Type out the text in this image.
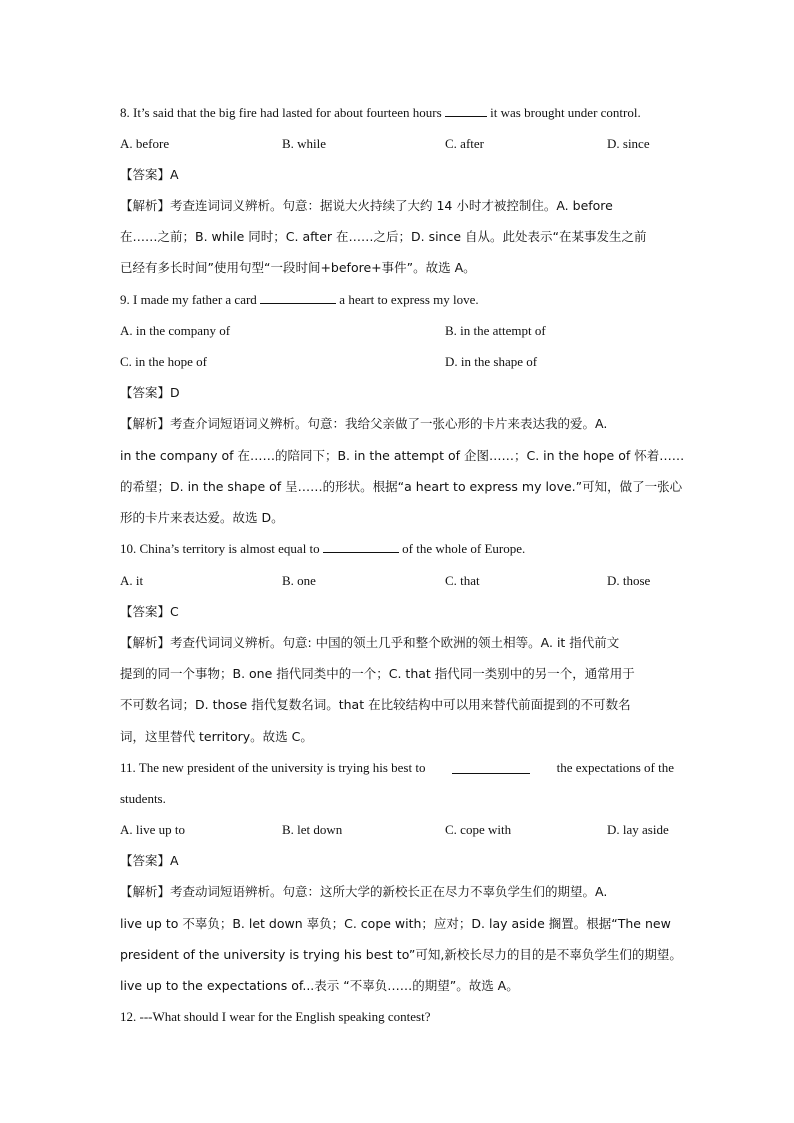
8. It’s said that the big fire had lasted for about fourteen hours	it was brought under control.
A. before	B. while	C. after	D. since
【答案】A
【解析】考查连词词义辨析。句意：据说大火持续了大约 14 小时才被控制住。A. before
在……之前；B. while 同时；C. after 在……之后；D. since 自从。此处表示“在某事发生之前
已经有多长时间”使用句型“一段时间+before+事件”。故选 A。
9. I made my father a card	a heart to express my love.
A. in the company of	B. in the attempt of
C. in the hope of	D. in the shape of
【答案】D
【解析】考查介词短语词义辨析。句意：我给父亲做了一张心形的卡片来表达我的爱。A.
in the company of 在……的陪同下；B. in the attempt of 企图……；C. in the hope of 怀着……
的希望；D. in the shape of 呈……的形状。根据“a heart to express my love.”可知，做了一张心
形的卡片来表达爱。故选 D。
10. China’s territory is almost equal to	of the whole of Europe.
A. it	B. one	C. that	D. those
【答案】C
【解析】考查代词词义辨析。句意: 中国的领土几乎和整个欧洲的领土相等。A. it 指代前文
提到的同一个事物；B. one 指代同类中的一个；C. that 指代同一类别中的另一个，通常用于
不可数名词；D. those 指代复数名词。that 在比较结构中可以用来替代前面提到的不可数名
词，这里替代 territory。故选 C。
11. The new president of the university is trying his best to	the expectations of the
students.
A. live up to	B. let down	C. cope with	D. lay aside
【答案】A
【解析】考查动词短语辨析。句意：这所大学的新校长正在尽力不辜负学生们的期望。A.
live up to 不辜负；B. let down 辜负；C. cope with；应对；D. lay aside 搁置。根据“The new
president of the university is trying his best to”可知,新校长尽力的目的是不辜负学生们的期望。
live up to the expectations of...表示 “不辜负……的期望”。故选 A。
12. ---What should I wear for the English speaking contest?
